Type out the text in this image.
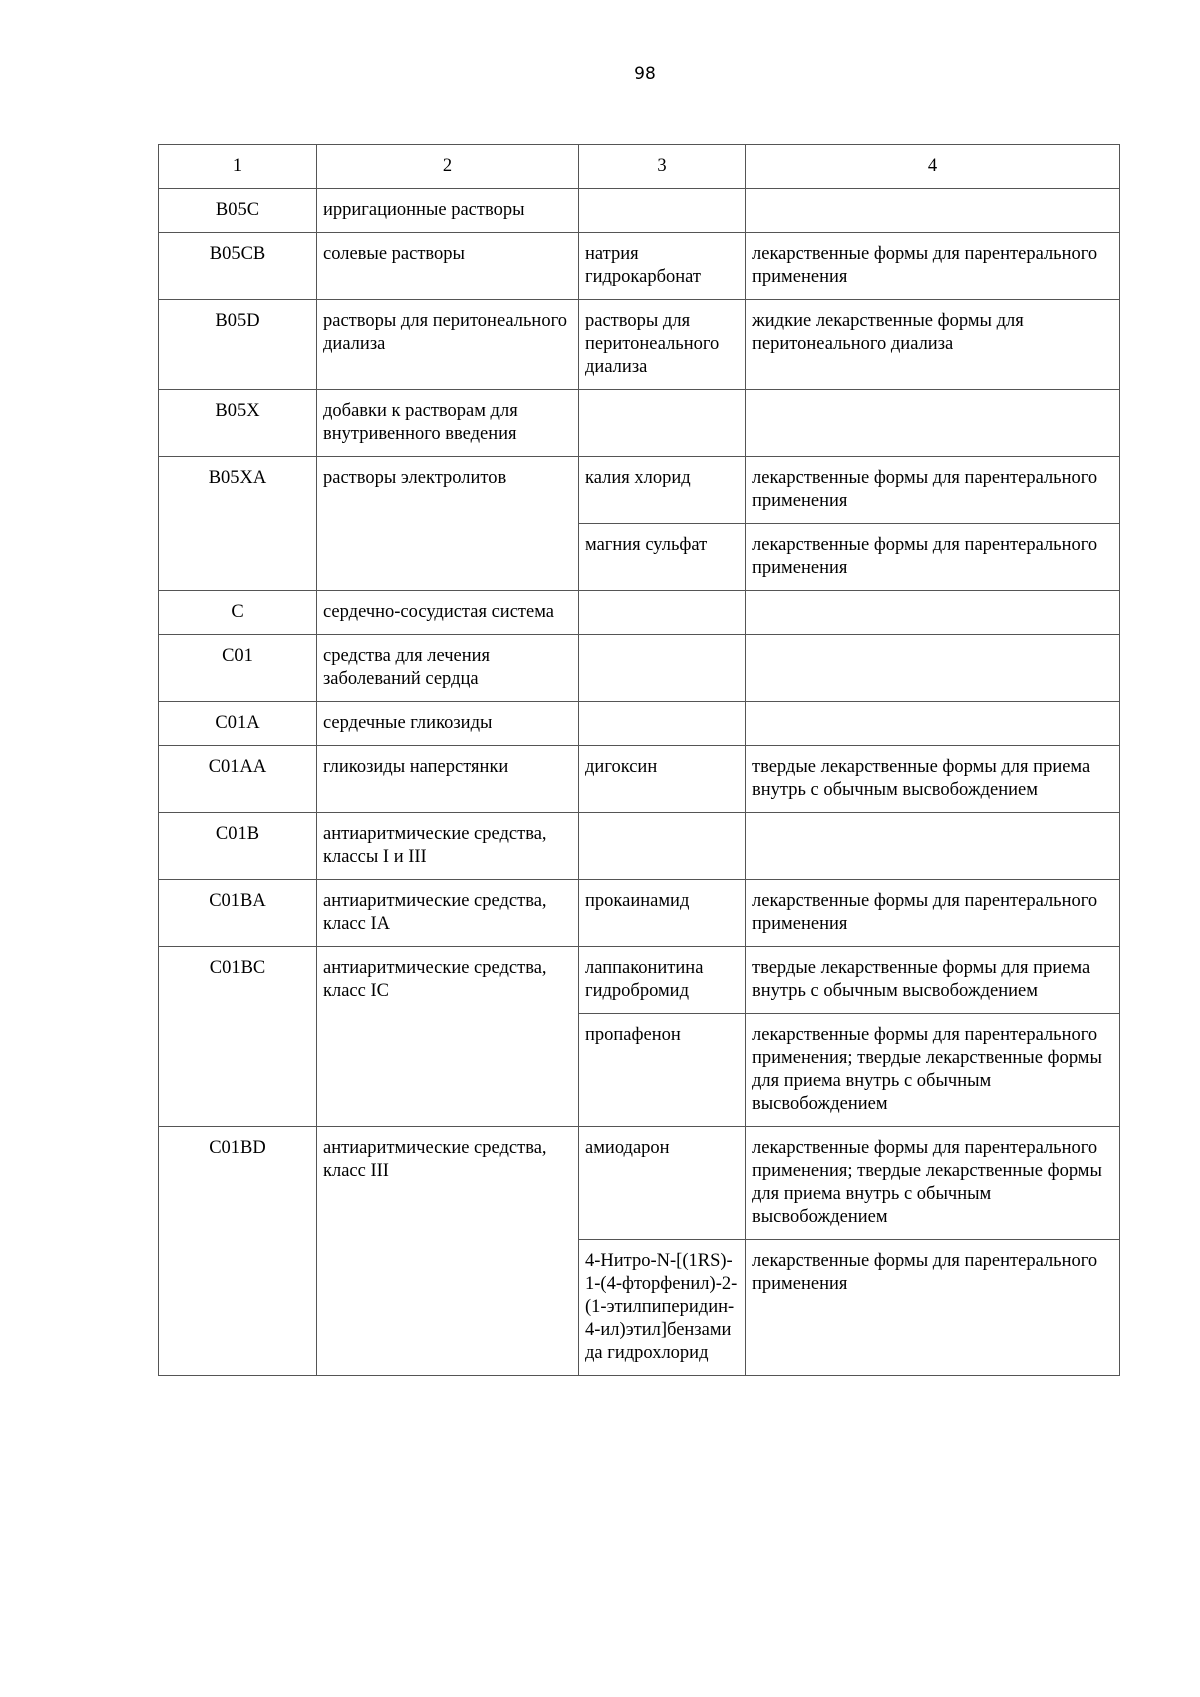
98
1	2	3	4
B05C	ирригационные растворы		
B05CB	солевые растворы	натрия гидрокарбонат	лекарственные формы для парентерального применения
B05D	растворы для перитонеального диализа	растворы для перитонеального диализа	жидкие лекарственные формы для перитонеального диализа
B05X	добавки к растворам для внутривенного введения		
B05XA	растворы электролитов	калия хлорид	лекарственные формы для парентерального применения
		магния сульфат	лекарственные формы для парентерального применения
C	сердечно-сосудистая система		
C01	средства для лечения заболеваний сердца		
C01A	сердечные гликозиды		
C01AA	гликозиды наперстянки	дигоксин	твердые лекарственные формы для приема внутрь с обычным высвобождением
C01B	антиаритмические средства, классы I и III		
C01BA	антиаритмические средства, класс IA	прокаинамид	лекарственные формы для парентерального применения
C01BC	антиаритмические средства, класс IC	лаппаконитина гидробромид	твердые лекарственные формы для приема внутрь с обычным высвобождением
		пропафенон	лекарственные формы для парентерального применения; твердые лекарственные формы для приема внутрь с обычным высвобождением
C01BD	антиаритмические средства, класс III	амиодарон	лекарственные формы для парентерального применения; твердые лекарственные формы для приема внутрь с обычным высвобождением
		4-Нитро-N-[(1RS)-1-(4-фторфенил)-2-(1-этилпиперидин-4-ил)этил]бензамида гидрохлорид	лекарственные формы для парентерального применения
